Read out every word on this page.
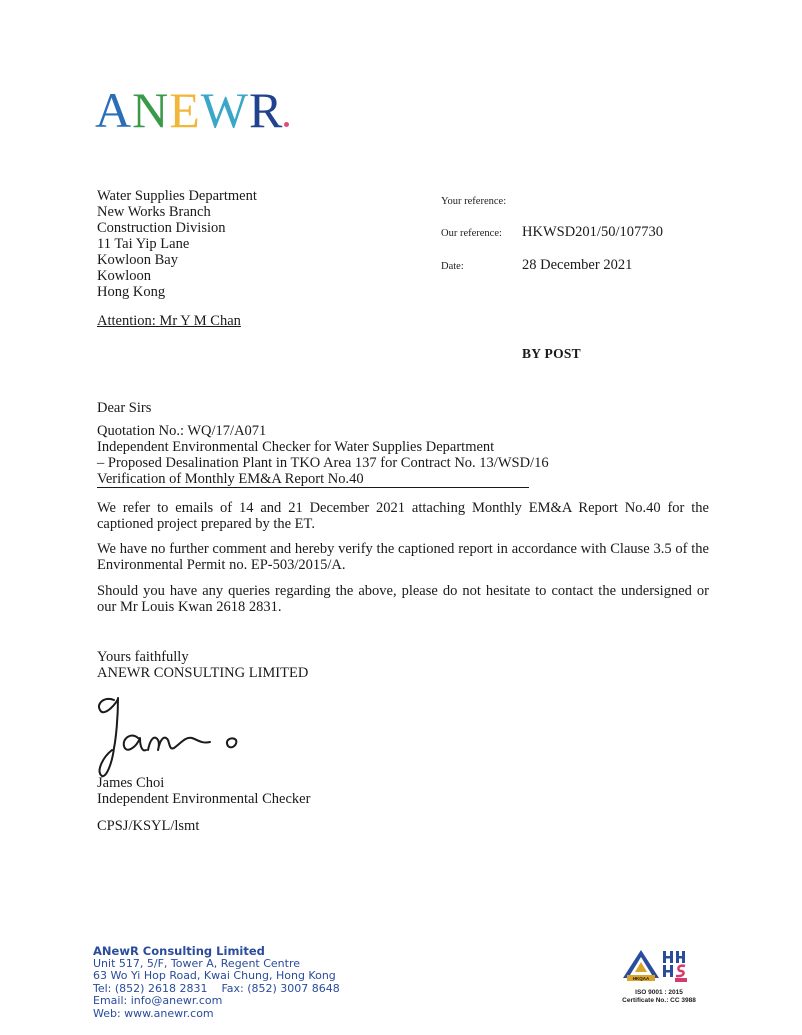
ANEWR
Water Supplies Department
New Works Branch
Construction Division
11 Tai Yip Lane
Kowloon Bay
Kowloon
Hong Kong
Attention: Mr Y M Chan
Your reference:
Our reference: HKWSD201/50/107730
Date:	28 December 2021
BY POST
Dear Sirs
Quotation No.: WQ/17/A071
Independent Environmental Checker for Water Supplies Department
– Proposed Desalination Plant in TKO Area 137 for Contract No. 13/WSD/16
Verification of Monthly EM&A Report No.40
We refer to emails of 14 and 21 December 2021 attaching Monthly EM&A Report No.40 for the captioned project prepared by the ET.
We have no further comment and hereby verify the captioned report in accordance with Clause 3.5 of the Environmental Permit no. EP-503/2015/A.
Should you have any queries regarding the above, please do not hesitate to contact the undersigned or our Mr Louis Kwan 2618 2831.
Yours faithfully
ANEWR CONSULTING LIMITED
James Choi
Independent Environmental Checker
CPSJ/KSYL/lsmt
ANewR Consulting Limited
Unit 517, 5/F, Tower A, Regent Centre
63 Wo Yi Hop Road, Kwai Chung, Hong Kong
Tel: (852) 2618 2831 Fax: (852) 3007 8648
Email: info@anewr.com
Web: www.anewr.com
HKQAA
ISO 9001 : 2015
Certificate No.: CC 3988
